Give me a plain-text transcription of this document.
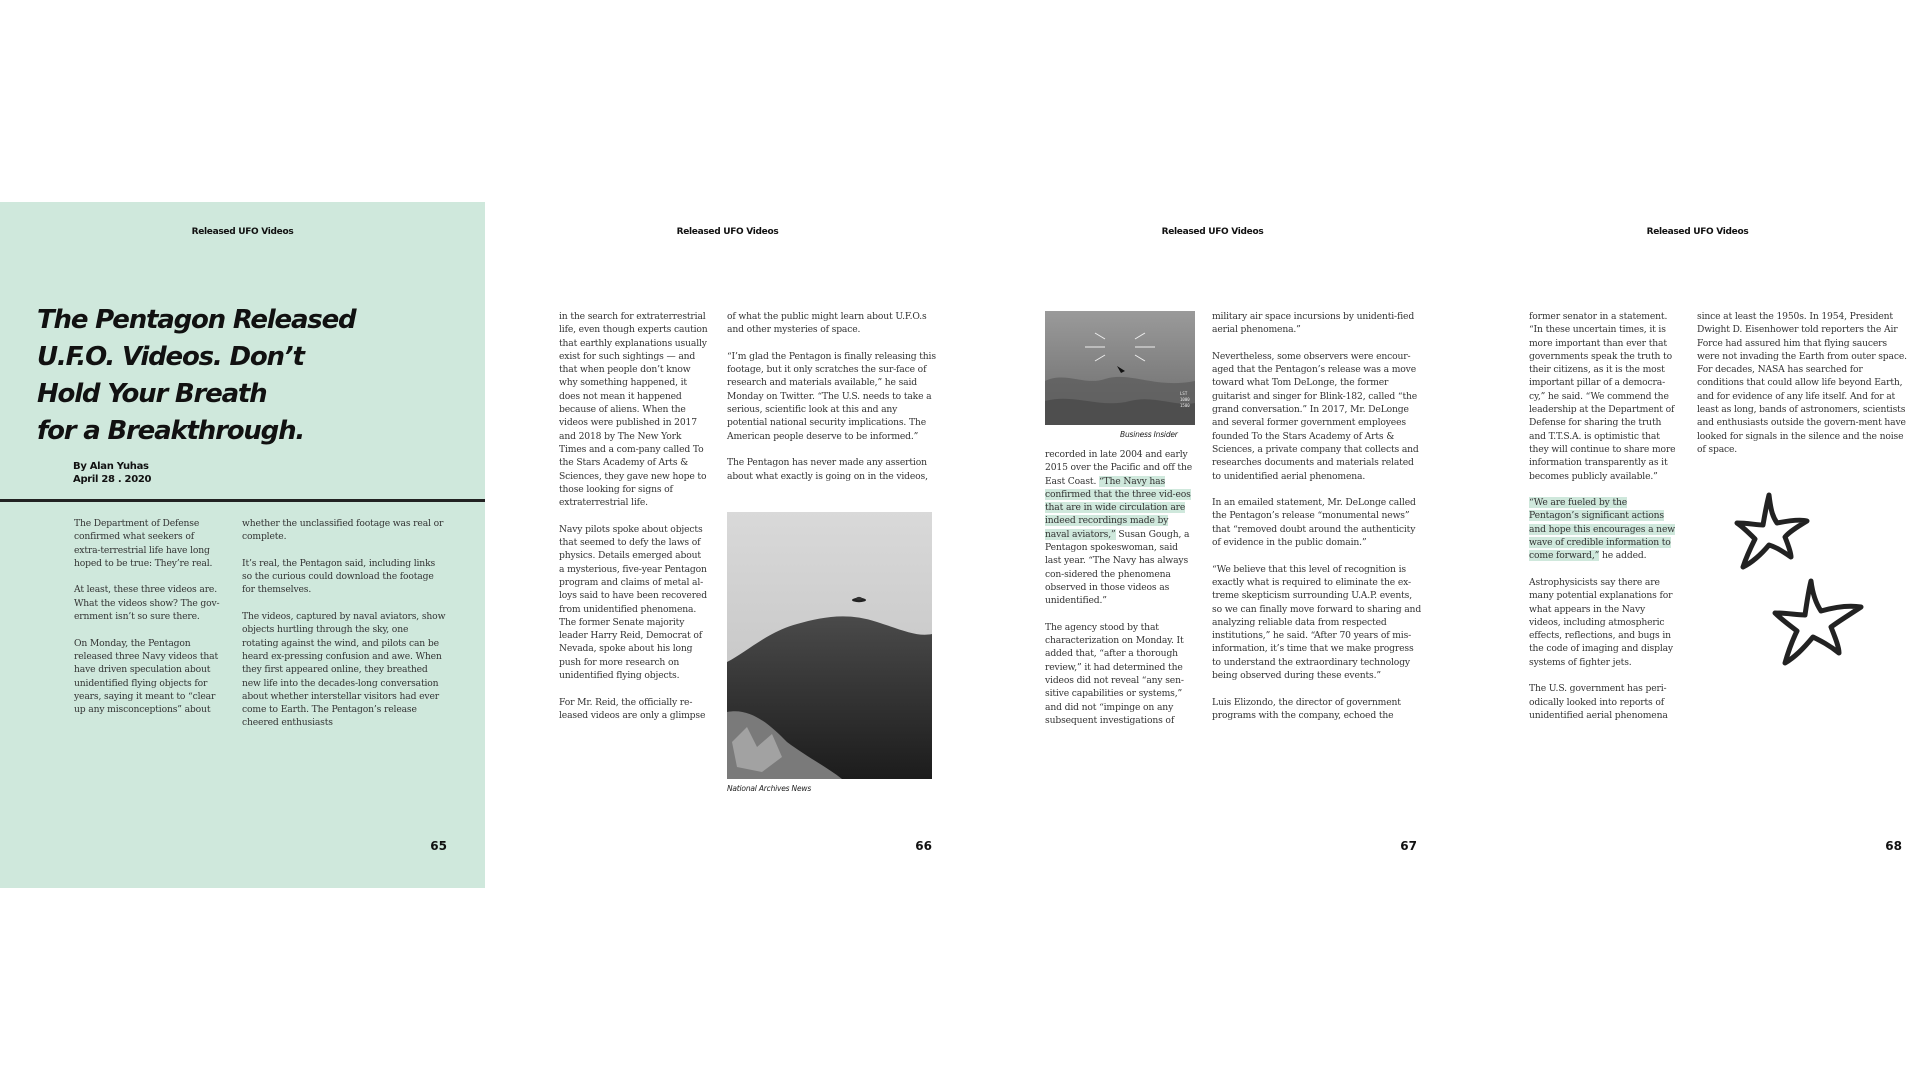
Released UFO Videos
The Pentagon Released
U.F.O. Videos. Don’t
Hold Your Breath
for a Breakthrough.
By Alan Yuhas
April 28 . 2020

The Department of Defense confirmed what seekers of extra-terrestrial life have long hoped to be true: They’re real.

At least, these three videos are. What the videos show? The gov-ernment isn’t so sure there.

On Monday, the Pentagon released three Navy videos that have driven speculation about unidentified flying objects for years, saying it meant to “clear up any misconceptions” about

whether the unclassified footage was real or complete.

It’s real, the Pentagon said, including links so the curious could download the footage for themselves.

The videos, captured by naval aviators, show objects hurtling through the sky, one rotating against the wind, and pilots can be heard ex-pressing confusion and awe. When they first appeared online, they breathed new life into the decades-long conversation about whether interstellar visitors had ever come to Earth. The Pentagon’s release cheered enthusiasts

65
Released UFO Videos

in the search for extraterrestrial life, even though experts caution that earthly explanations usually exist for such sightings — and that when people don’t know why something happened, it does not mean it happened because of aliens. When the videos were published in 2017 and 2018 by The New York Times and a com-pany called To the Stars Academy of Arts & Sciences, they gave new hope to those looking for signs of extraterrestrial life.

Navy pilots spoke about objects that seemed to defy the laws of physics. Details emerged about a mysterious, five-year Pentagon program and claims of metal al-loys said to have been recovered from unidentified phenomena. The former Senate majority leader Harry Reid, Democrat of Nevada, spoke about his long push for more research on unidentified flying objects.

For Mr. Reid, the officially re-leased videos are only a glimpse

of what the public might learn about U.F.O.s and other mysteries of space.

“I’m glad the Pentagon is finally releasing this footage, but it only scratches the sur-face of research and materials available,” he said Monday on Twitter. “The U.S. needs to take a serious, scientific look at this and any potential national security implications. The American people deserve to be informed.”

The Pentagon has never made any assertion about what exactly is going on in the videos,

National Archives News
66
Released UFO Videos
LST
1000
1500
Business Insider

recorded in late 2004 and early 2015 over the Pacific and off the East Coast. “The Navy has confirmed that the three vid-eos that are in wide circulation are indeed recordings made by naval aviators,” Susan Gough, a Pentagon spokeswoman, said last year. “The Navy has always con-sidered the phenomena observed in those videos as unidentified.”

The agency stood by that characterization on Monday. It added that, “after a thorough review,” it had determined the videos did not reveal “any sen-sitive capabilities or systems,” and did not “impinge on any subsequent investigations of

military air space incursions by unidenti-fied aerial phenomena.”

Nevertheless, some observers were encour-aged that the Pentagon’s release was a move toward what Tom DeLonge, the former guitarist and singer for Blink-182, called “the grand conversation.” In 2017, Mr. DeLonge and several former government employees founded To the Stars Academy of Arts & Sciences, a private company that collects and researches documents and materials related to unidentified aerial phenomena.

In an emailed statement, Mr. DeLonge called the Pentagon’s release “monumental news” that “removed doubt around the authenticity of evidence in the public domain.”

“We believe that this level of recognition is exactly what is required to eliminate the ex-treme skepticism surrounding U.A.P. events, so we can finally move forward to sharing and analyzing reliable data from respected institutions,” he said. “After 70 years of mis-information, it’s time that we make progress to understand the extraordinary technology being observed during these events.”

Luis Elizondo, the director of government programs with the company, echoed the

67
Released UFO Videos

former senator in a statement. “In these uncertain times, it is more important than ever that governments speak the truth to their citizens, as it is the most important pillar of a democra-cy,” he said. “We commend the leadership at the Department of Defense for sharing the truth and T.T.S.A. is optimistic that they will continue to share more information transparently as it becomes publicly available.”

“We are fueled by the Pentagon’s significant actions and hope this encourages a new wave of credible information to come forward,” he added.

Astrophysicists say there are many potential explanations for what appears in the Navy videos, including atmospheric effects, reflections, and bugs in the code of imaging and display systems of fighter jets.

The U.S. government has peri-odically looked into reports of unidentified aerial phenomena

since at least the 1950s. In 1954, President Dwight D. Eisenhower told reporters the Air Force had assured him that flying saucers were not invading the Earth from outer space. For decades, NASA has searched for conditions that could allow life beyond Earth, and for evidence of any life itself. And for at least as long, bands of astronomers, scientists and enthusiasts outside the govern-ment have looked for signals in the silence and the noise of space.

68
